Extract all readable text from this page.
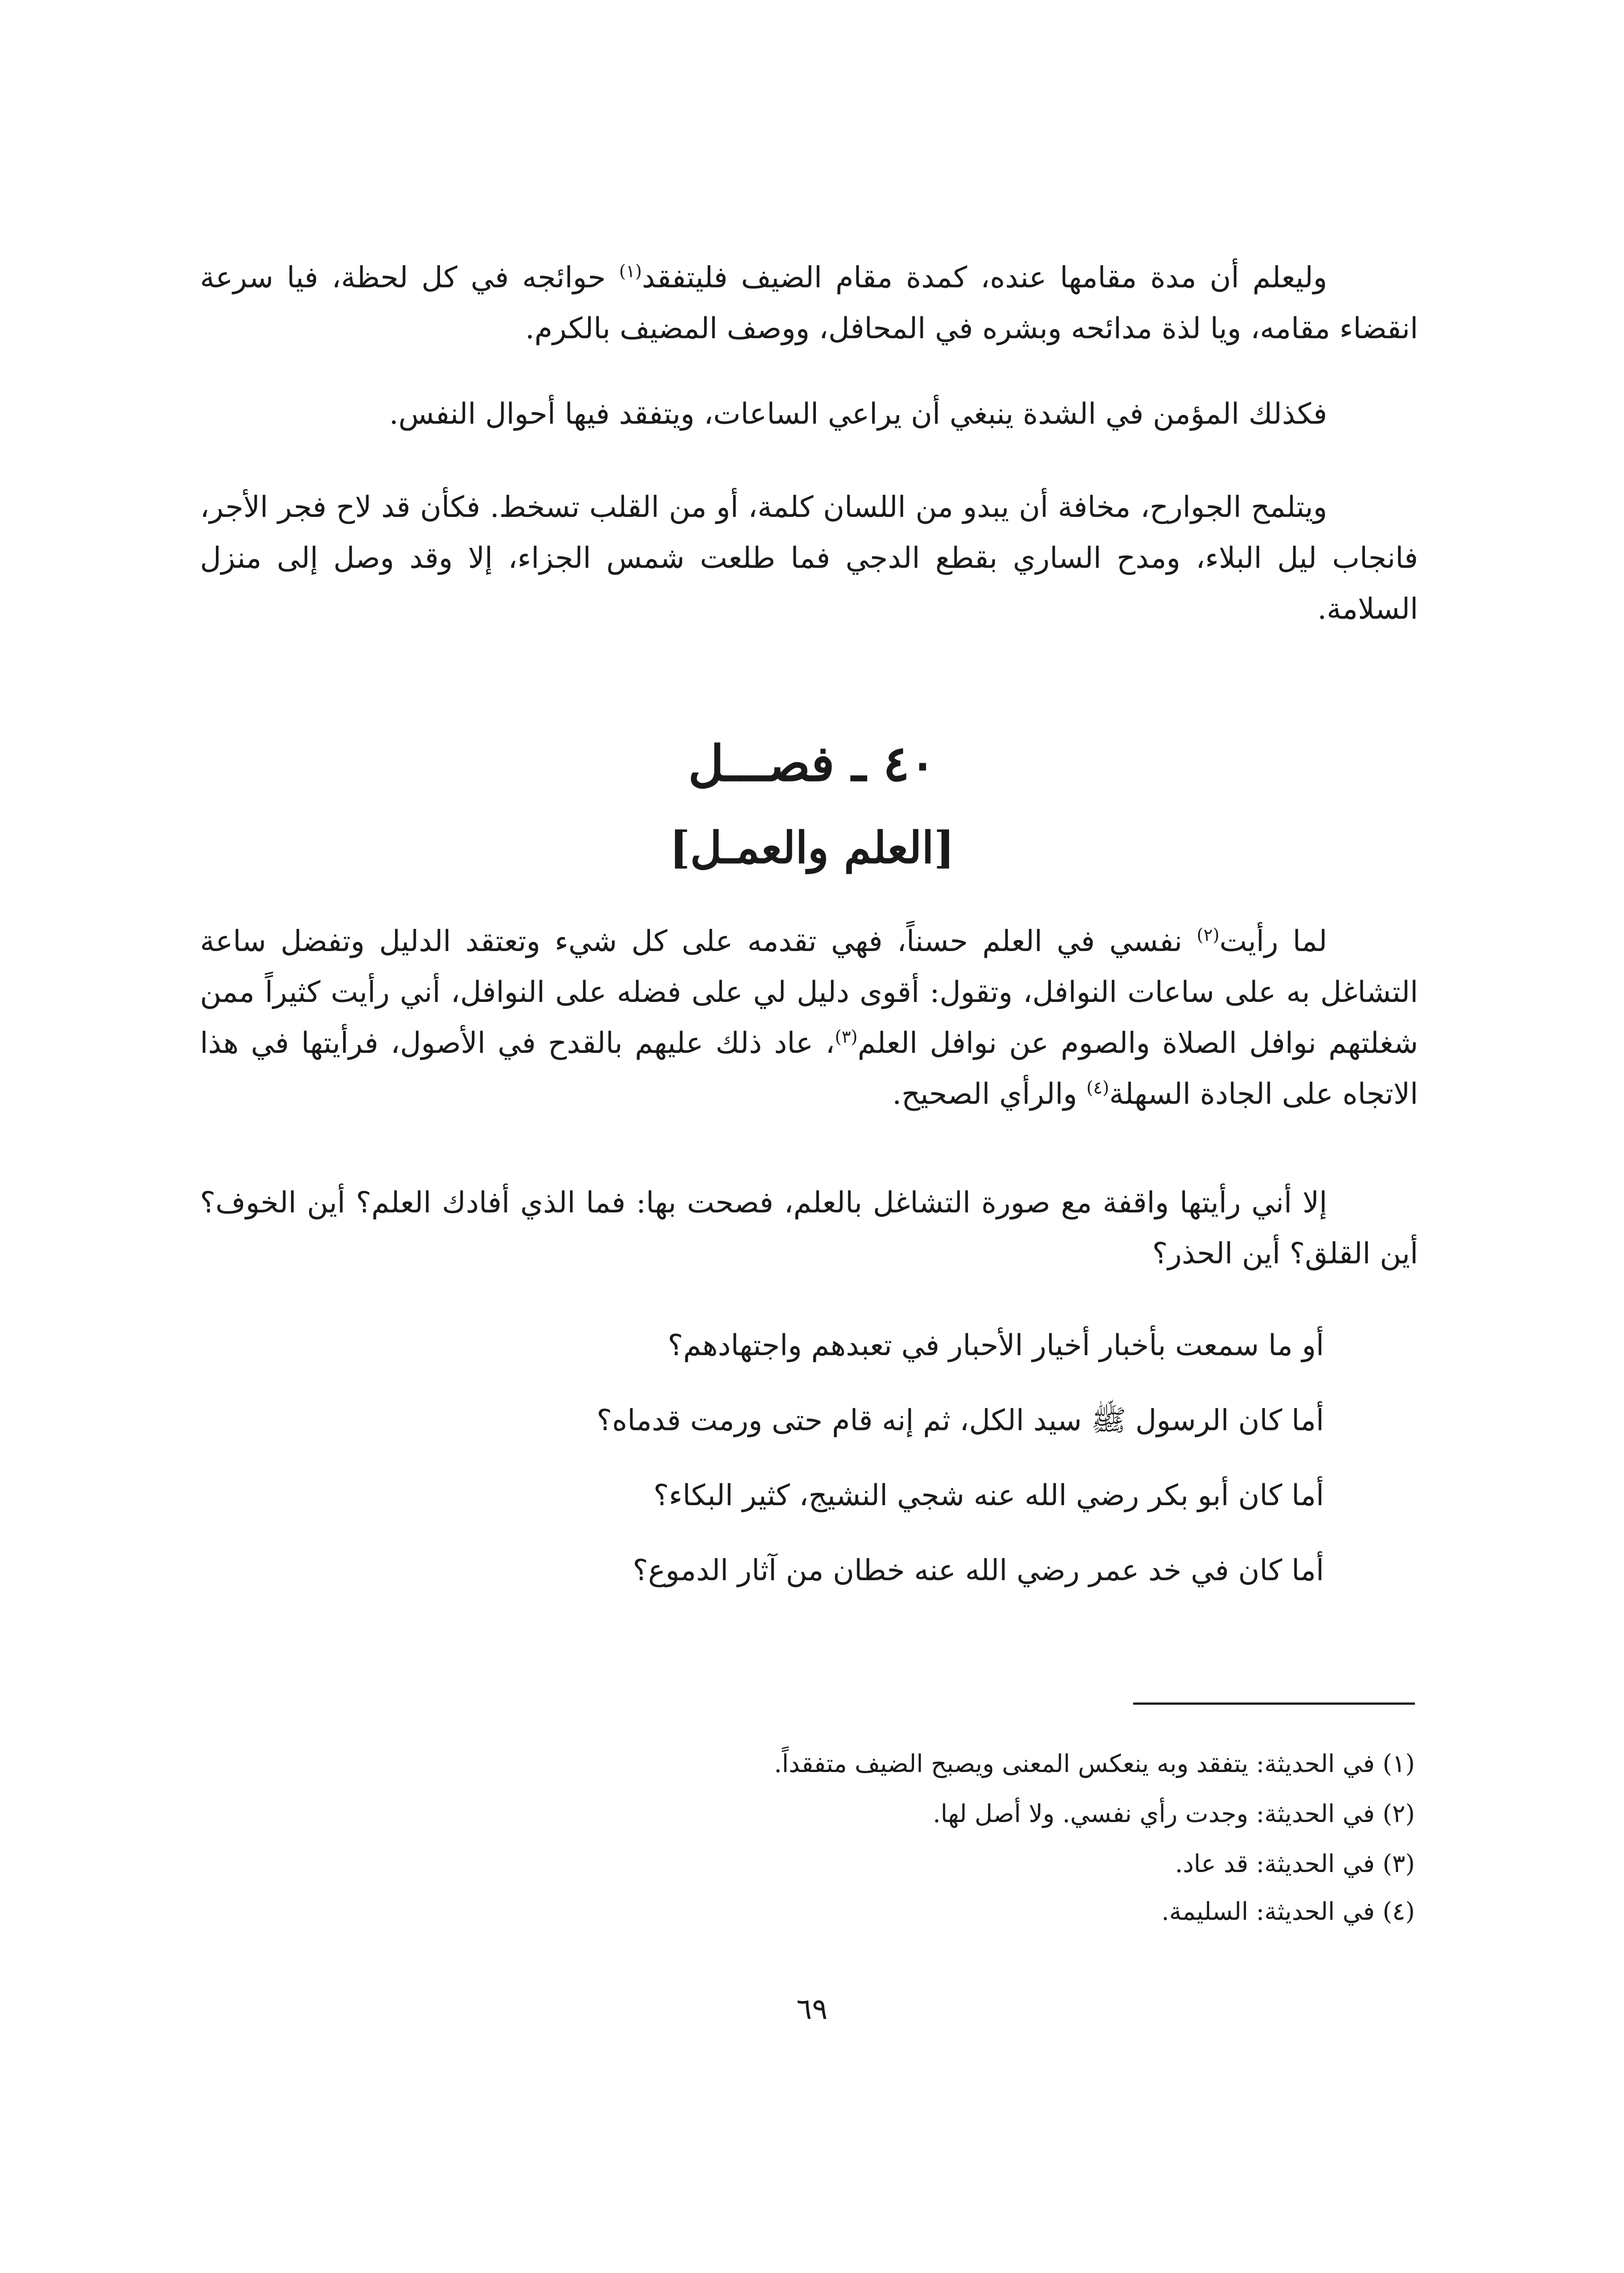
وليعلم أن مدة مقامها عنده، كمدة مقام الضيف فليتفقد$^{(١)}$ حوائجه في كل لحظة، فيا سرعة انقضاء مقامه، ويا لذة مدائحه وبشره في المحافل، ووصف المضيف بالكرم.

فكذلك المؤمن في الشدة ينبغي أن يراعي الساعات، ويتفقد فيها أحوال النفس.

ويتلمح الجوارح، مخافة أن يبدو من اللسان كلمة، أو من القلب تسخط. فكأن قد لاح فجر الأجر، فانجاب ليل البلاء، ومدح الساري بقطع الدجي فما طلعت شمس الجزاء، إلا وقد وصل إلى منزل السلامة.

٤٠ ـ فصـــل
[العلم والعمـل]

لما رأيت$^{(٢)}$ نفسي في العلم حسناً، فهي تقدمه على كل شيء وتعتقد الدليل وتفضل ساعة التشاغل به على ساعات النوافل، وتقول: أقوى دليل لي على فضله على النوافل، أني رأيت كثيراً ممن شغلتهم نوافل الصلاة والصوم عن نوافل العلم$^{(٣)}$، عاد ذلك عليهم بالقدح في الأصول، فرأيتها في هذا الاتجاه على الجادة السهلة$^{(٤)}$ والرأي الصحيح.

إلا أني رأيتها واقفة مع صورة التشاغل بالعلم، فصحت بها: فما الذي أفادك العلم؟ أين الخوف؟ أين القلق؟ أين الحذر؟

أو ما سمعت بأخبار أخيار الأحبار في تعبدهم واجتهادهم؟
أما كان الرسول ﷺ سيد الكل، ثم إنه قام حتى ورمت قدماه؟
أما كان أبو بكر رضي الله عنه شجي النشيج، كثير البكاء؟
أما كان في خد عمر رضي الله عنه خطان من آثار الدموع؟
(١) في الحديثة: يتفقد وبه ينعكس المعنى ويصبح الضيف متفقداً.
(٢) في الحديثة: وجدت رأي نفسي. ولا أصل لها.
(٣) في الحديثة: قد عاد.
(٤) في الحديثة: السليمة.
٦٩
